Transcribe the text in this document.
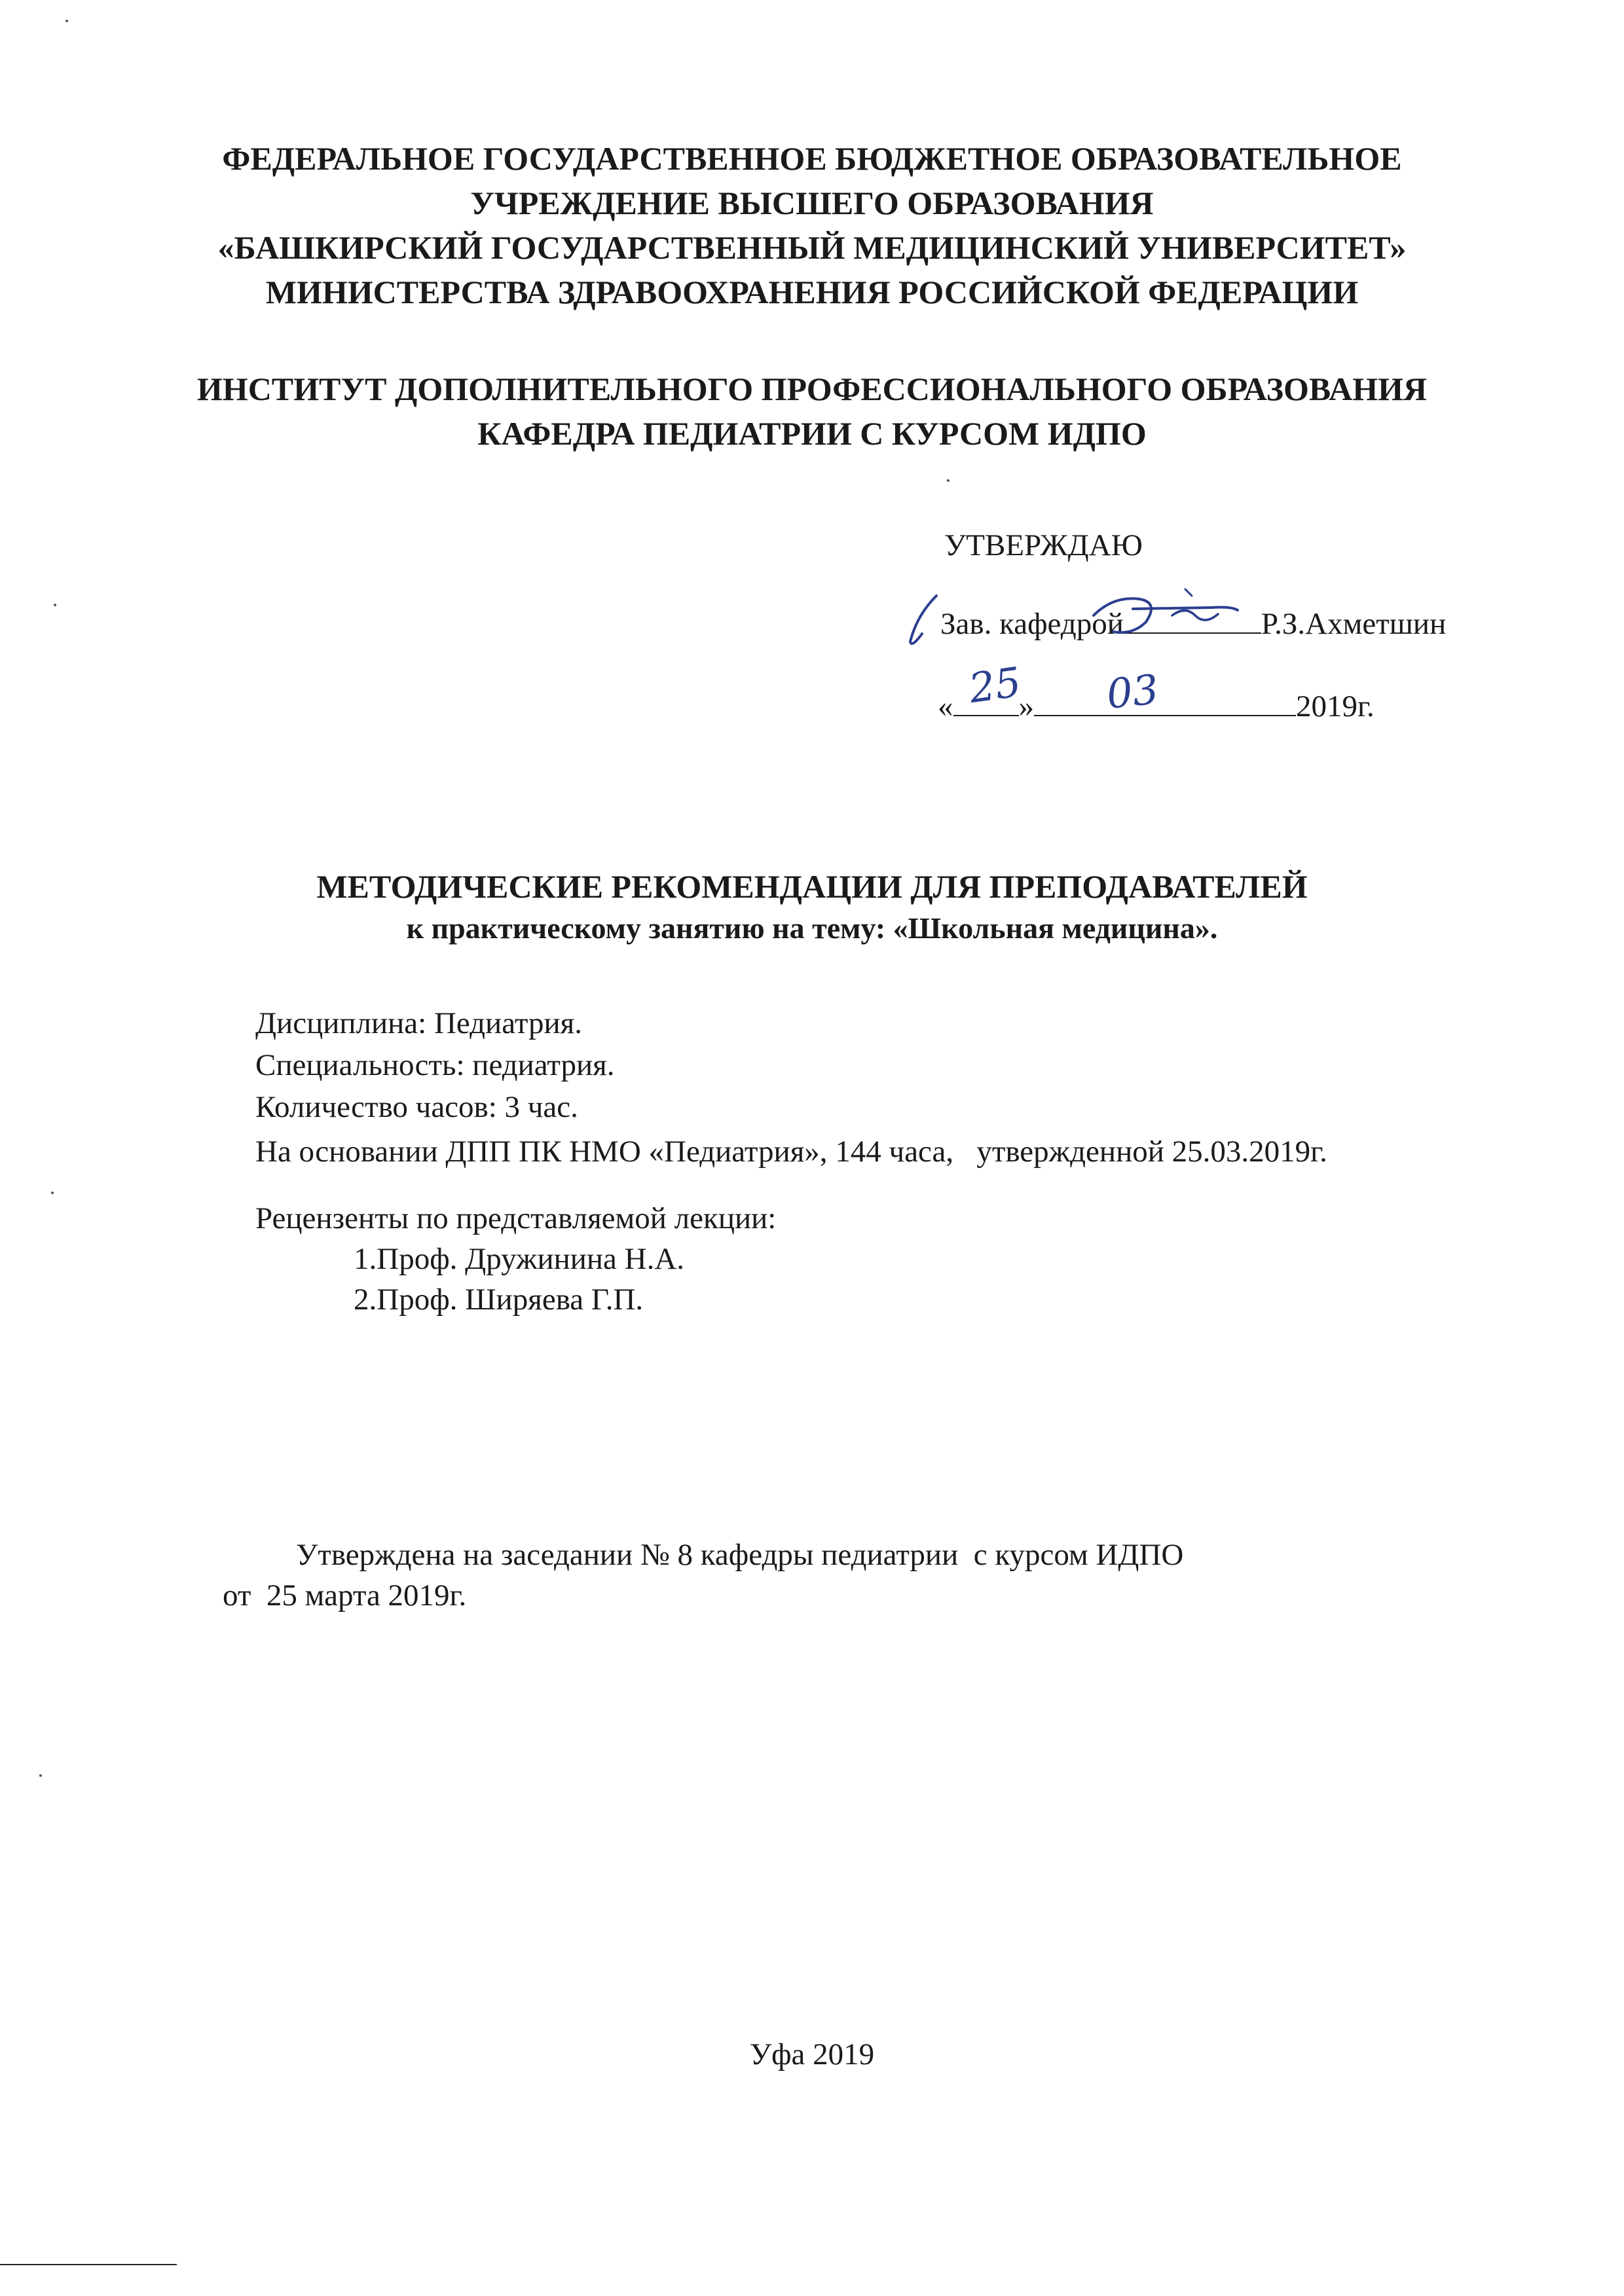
ФЕДЕРАЛЬНОЕ ГОСУДАРСТВЕННОЕ БЮДЖЕТНОЕ ОБРАЗОВАТЕЛЬНОЕ
УЧРЕЖДЕНИЕ ВЫСШЕГО ОБРАЗОВАНИЯ
«БАШКИРСКИЙ ГОСУДАРСТВЕННЫЙ МЕДИЦИНСКИЙ УНИВЕРСИТЕТ»
МИНИСТЕРСТВА ЗДРАВООХРАНЕНИЯ РОССИЙСКОЙ ФЕДЕРАЦИИ
ИНСТИТУТ ДОПОЛНИТЕЛЬНОГО ПРОФЕССИОНАЛЬНОГО ОБРАЗОВАНИЯ
КАФЕДРА ПЕДИАТРИИ С КУРСОМ ИДПО
УТВЕРЖДАЮ
Зав. кафедрой	Р.З.Ахметшин
« »	2019г.
25 03
МЕТОДИЧЕСКИЕ РЕКОМЕНДАЦИИ ДЛЯ ПРЕПОДАВАТЕЛЕЙ
к практическому занятию на тему: «Школьная медицина».
Дисциплина: Педиатрия.
Специальность: педиатрия.
Количество часов: 3 час.
На основании ДПП ПК НМО «Педиатрия», 144 часа,   утвержденной 25.03.2019г.
Рецензенты по представляемой лекции:
1.Проф. Дружинина Н.А.
2.Проф. Ширяева Г.П.
Утверждена на заседании № 8 кафедры педиатрии  с курсом ИДПО
от  25 марта 2019г.
Уфа 2019
